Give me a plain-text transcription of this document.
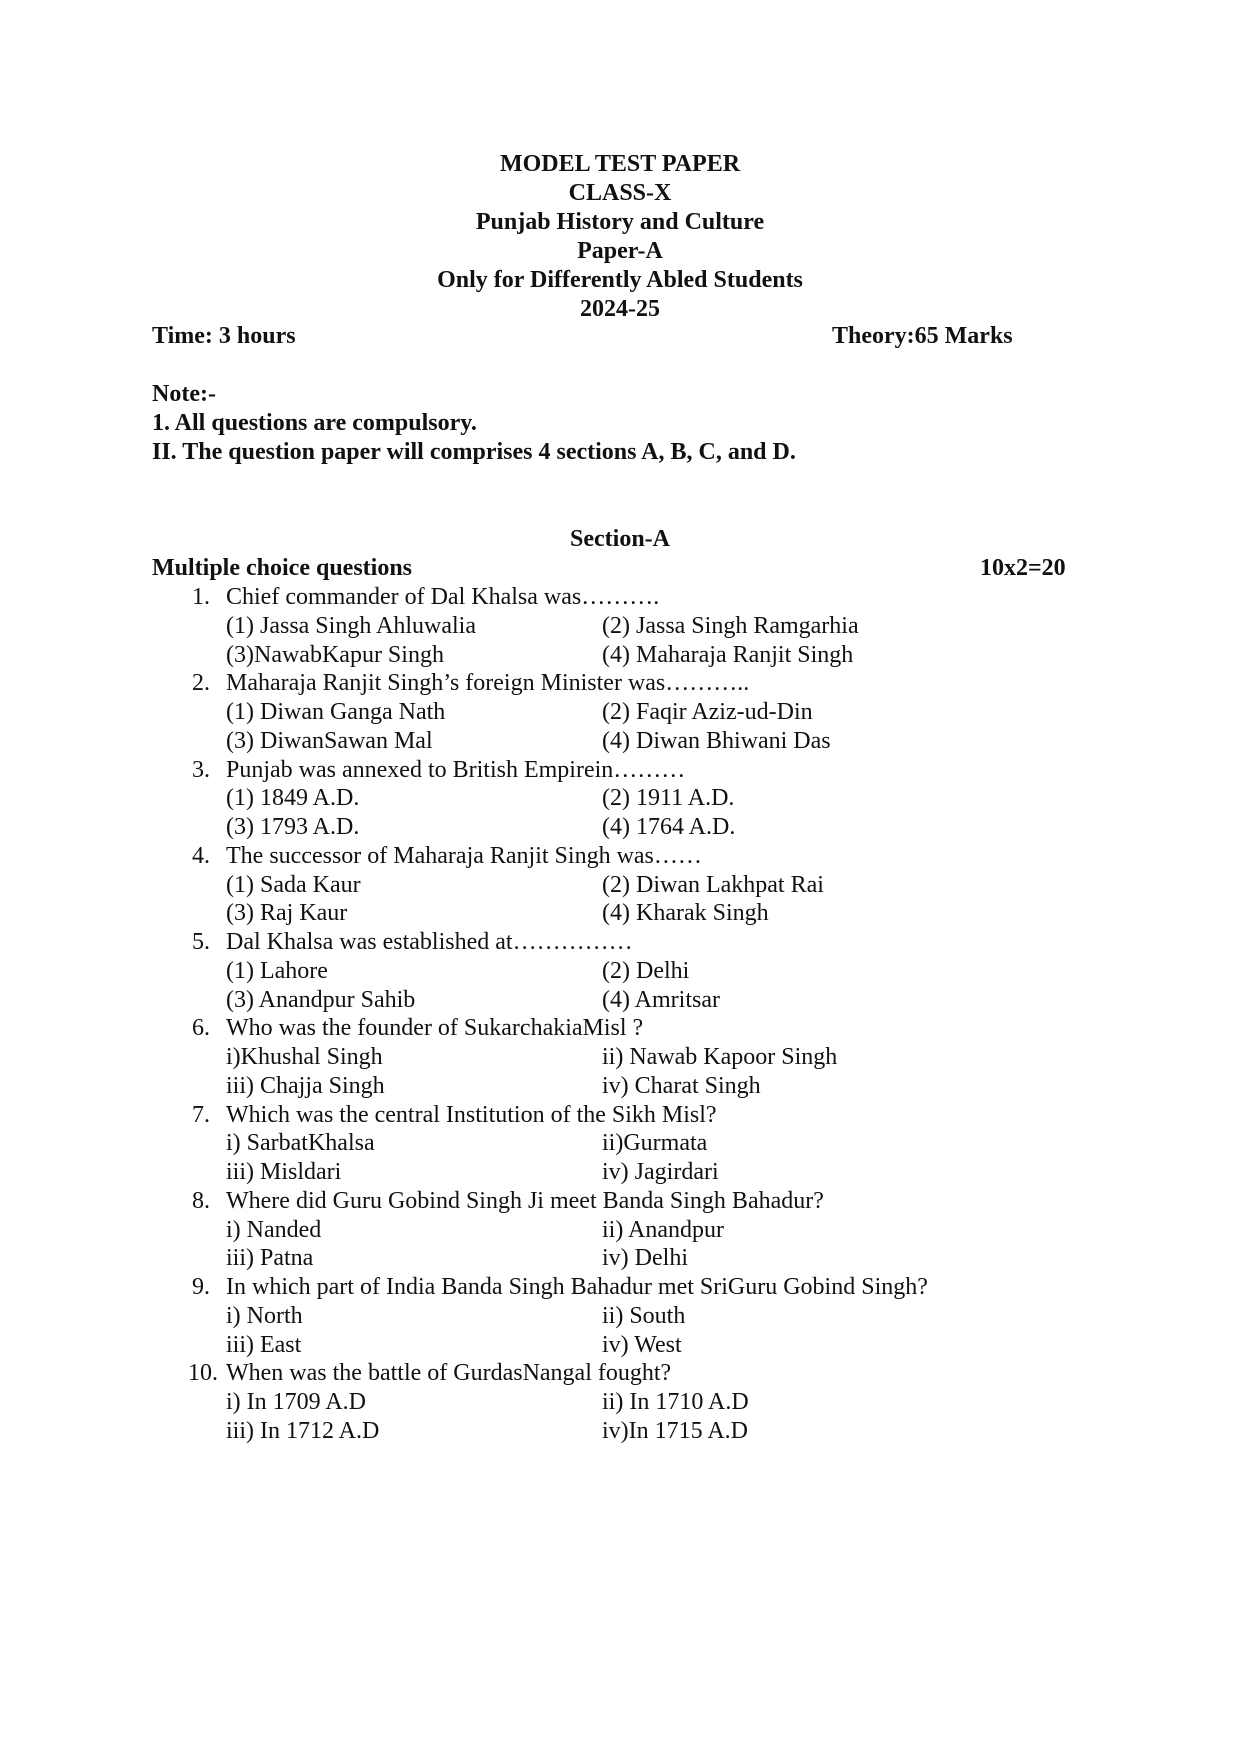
MODEL TEST PAPER
CLASS-X
Punjab History and Culture
Paper-A
Only for Differently Abled Students
2024-25
Time: 3 hours	Theory:65 Marks
Note:-
1. All questions are compulsory.
II. The question paper will comprises 4 sections A, B, C, and D.
Section-A
Multiple choice questions	10x2=20
1. Chief commander of Dal Khalsa was……….
(1) Jassa Singh Ahluwalia	(2) Jassa Singh Ramgarhia
(3)NawabKapur Singh	(4) Maharaja Ranjit Singh
2. Maharaja Ranjit Singh’s foreign Minister was………..
(1) Diwan Ganga Nath	(2) Faqir Aziz-ud-Din
(3) DiwanSawan Mal	(4) Diwan Bhiwani Das
3. Punjab was annexed to British Empirein………
(1) 1849 A.D.	(2) 1911 A.D.
(3) 1793 A.D.	(4) 1764 A.D.
4. The successor of Maharaja Ranjit Singh was……
(1) Sada Kaur	(2) Diwan Lakhpat Rai
(3) Raj Kaur	(4) Kharak Singh
5. Dal Khalsa was established at……………
(1) Lahore	(2) Delhi
(3) Anandpur Sahib	(4) Amritsar
6. Who was the founder of SukarchakiaMisl ?
i)Khushal Singh	ii) Nawab Kapoor Singh
iii) Chajja Singh	iv) Charat Singh
7. Which was the central Institution of the Sikh Misl?
i) SarbatKhalsa	ii)Gurmata
iii) Misldari	iv) Jagirdari
8. Where did Guru Gobind Singh Ji meet Banda Singh Bahadur?
i) Nanded	ii) Anandpur
iii) Patna	iv) Delhi
9. In which part of India Banda Singh Bahadur met SriGuru Gobind Singh?
i) North	ii) South
iii) East	iv) West
10. When was the battle of GurdasNangal fought?
i) In 1709 A.D	ii) In 1710 A.D
iii) In 1712 A.D	iv)In 1715 A.D
